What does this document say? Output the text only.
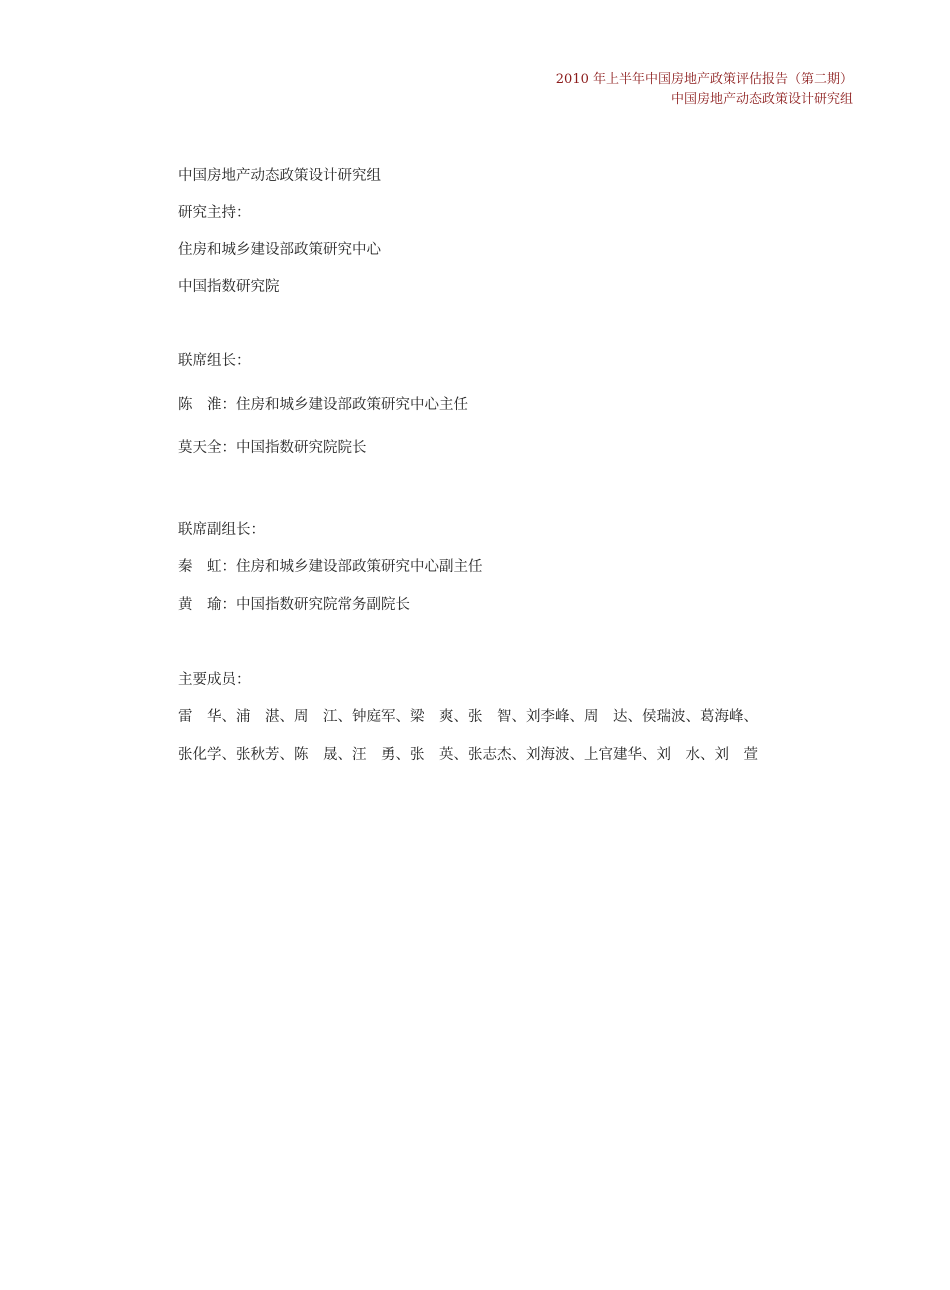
2010 年上半年中国房地产政策评估报告（第二期）
中国房地产动态政策设计研究组
中国房地产动态政策设计研究组
研究主持：
住房和城乡建设部政策研究中心
中国指数研究院
联席组长：
陈　淮：住房和城乡建设部政策研究中心主任
莫天全：中国指数研究院院长
联席副组长：
秦　虹：住房和城乡建设部政策研究中心副主任
黄　瑜：中国指数研究院常务副院长
主要成员：
雷　华、浦　湛、周　江、钟庭军、梁　爽、张　智、刘李峰、周　达、侯瑞波、葛海峰、
张化学、张秋芳、陈　晟、汪　勇、张　英、张志杰、刘海波、上官建华、刘　水、刘　萱
